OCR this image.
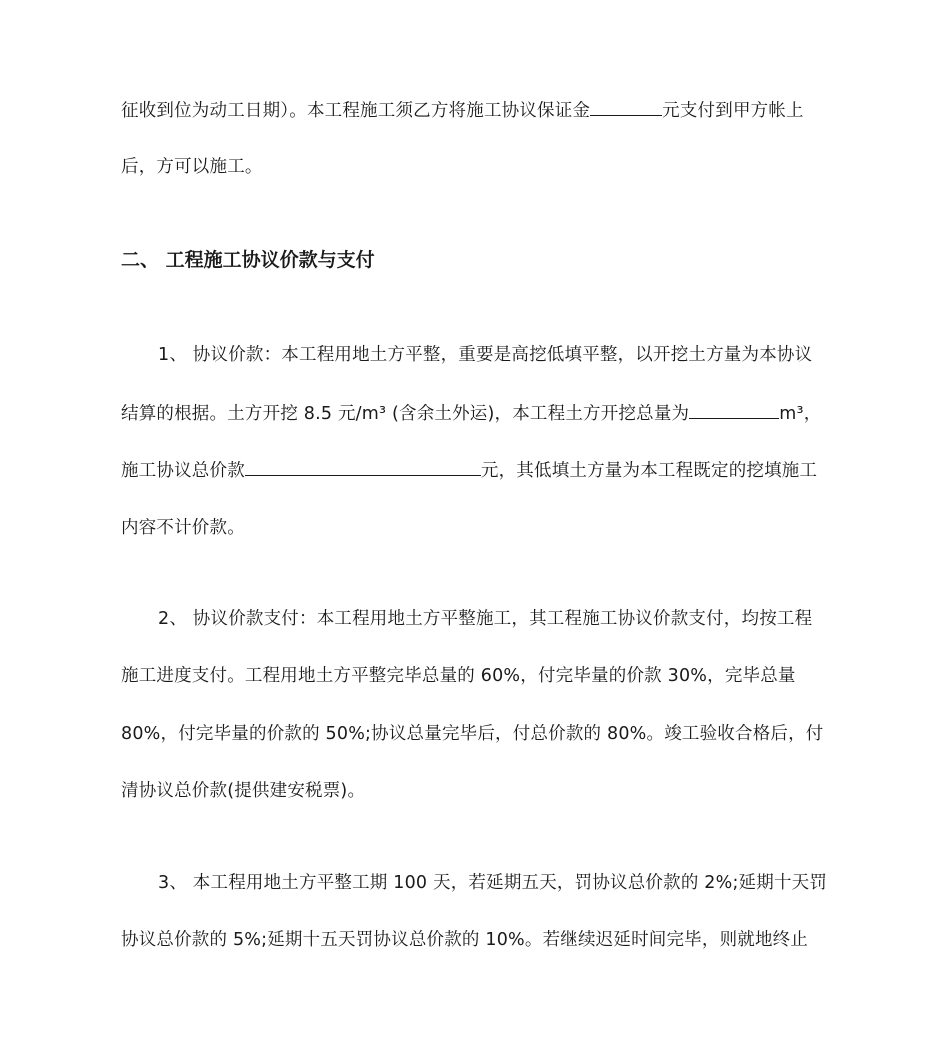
征收到位为动工日期）。本工程施工须乙方将施工协议保证金	元支付到甲方帐上
后，方可以施工。
二、 工程施工协议价款与支付
1、 协议价款：本工程用地土方平整，重要是高挖低填平整，以开挖土方量为本协议
结算的根据。土方开挖 8.5 元/m³ (含余土外运)，本工程土方开挖总量为	m³，
施工协议总价款	元，其低填土方量为本工程既定的挖填施工
内容不计价款。
2、 协议价款支付：本工程用地土方平整施工，其工程施工协议价款支付，均按工程
施工进度支付。工程用地土方平整完毕总量的 60%，付完毕量的价款 30%，完毕总量
80%，付完毕量的价款的 50%;协议总量完毕后，付总价款的 80%。竣工验收合格后，付
清协议总价款(提供建安税票)。
3、 本工程用地土方平整工期 100 天，若延期五天，罚协议总价款的 2%;延期十天罚
协议总价款的 5%;延期十五天罚协议总价款的 10%。若继续迟延时间完毕，则就地终止
